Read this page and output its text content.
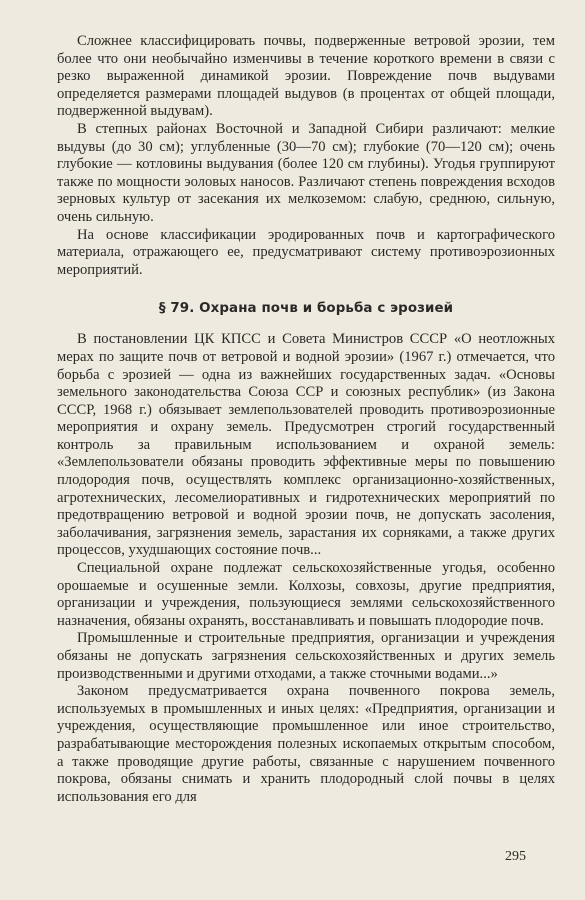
Сложнее классифицировать почвы, подверженные ветровой эрозии, тем более что они необычайно изменчивы в течение короткого времени в связи с резко выраженной динамикой эрозии. Повреждение почв выдувами определяется размерами площадей выдувов (в процентах от общей площади, подверженной выдувам).

В степных районах Восточной и Западной Сибири различают: мелкие выдувы (до 30 см); углубленные (30—70 см); глубокие (70—120 см); очень глубокие — котловины выдувания (более 120 см глубины). Угодья группируют также по мощности эоловых наносов. Различают степень повреждения всходов зерновых культур от засекания их мелкоземом: слабую, среднюю, сильную, очень сильную.

На основе классификации эродированных почв и картографического материала, отражающего ее, предусматривают систему противоэрозионных мероприятий.

§ 79. Охрана почв и борьба с эрозией

В постановлении ЦК КПСС и Совета Министров СССР «О неотложных мерах по защите почв от ветровой и водной эрозии» (1967 г.) отмечается, что борьба с эрозией — одна из важнейших государственных задач. «Основы земельного законодательства Союза ССР и союзных республик» (из Закона СССР, 1968 г.) обязывает землепользователей проводить противоэрозионные мероприятия и охрану земель. Предусмотрен строгий государственный контроль за правильным использованием и охраной земель: «Землепользователи обязаны проводить эффективные меры по повышению плодородия почв, осуществлять комплекс организационно-хозяйственных, агротехнических, лесомелиоративных и гидротехнических мероприятий по предотвращению ветровой и водной эрозии почв, не допускать засоления, заболачивания, загрязнения земель, зарастания их сорняками, а также других процессов, ухудшающих состояние почв...

Специальной охране подлежат сельскохозяйственные угодья, особенно орошаемые и осушенные земли. Колхозы, совхозы, другие предприятия, организации и учреждения, пользующиеся землями сельскохозяйственного назначения, обязаны охранять, восстанавливать и повышать плодородие почв.

Промышленные и строительные предприятия, организации и учреждения обязаны не допускать загрязнения сельскохозяйственных и других земель производственными и другими отходами, а также сточными водами...»

Законом предусматривается охрана почвенного покрова земель, используемых в промышленных и иных целях: «Предприятия, организации и учреждения, осуществляющие промышленное или иное строительство, разрабатывающие месторождения полезных ископаемых открытым способом, а также проводящие другие работы, связанные с нарушением почвенного покрова, обязаны снимать и хранить плодородный слой почвы в целях использования его для

295
